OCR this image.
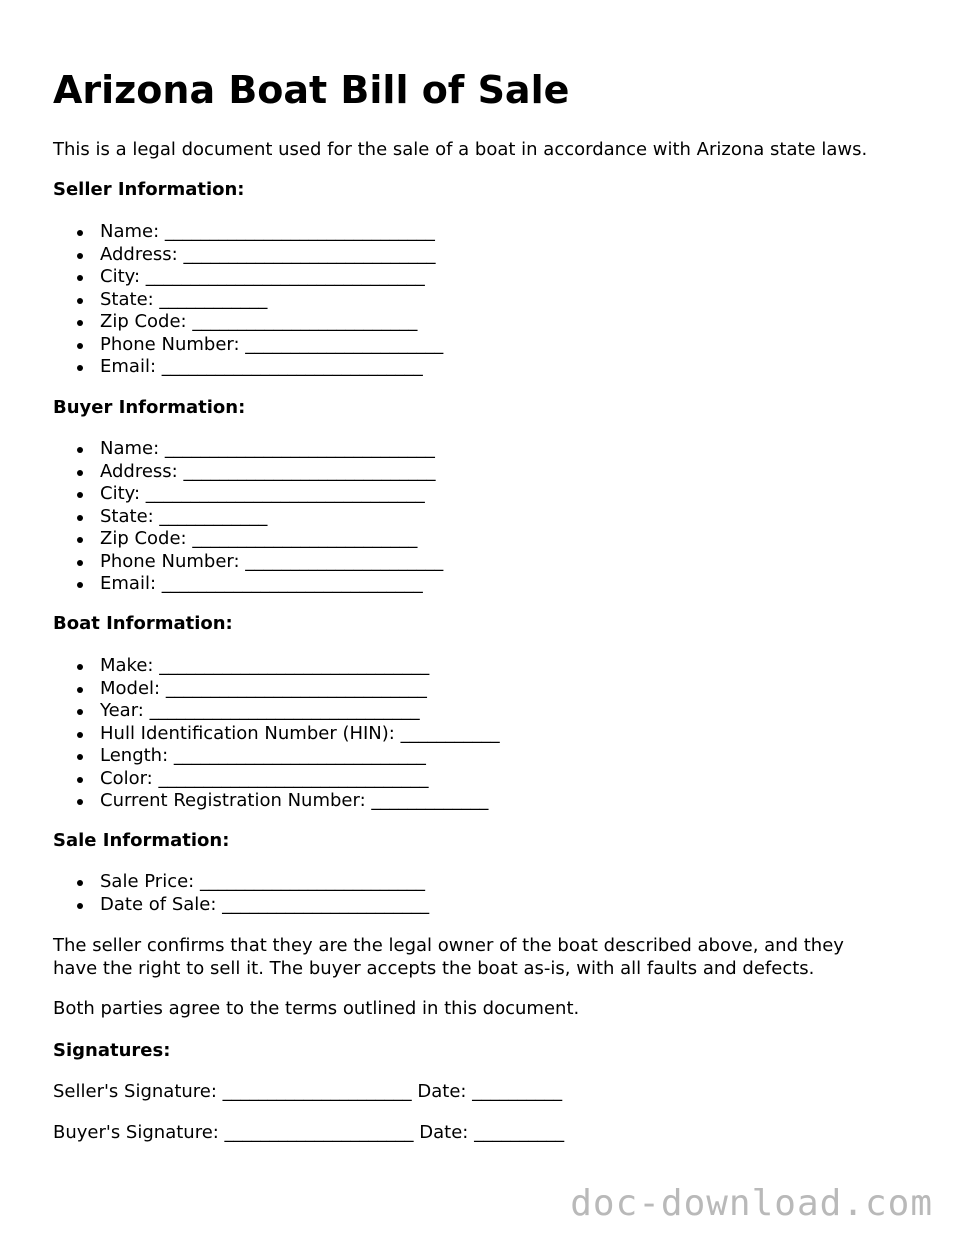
Arizona Boat Bill of Sale
This is a legal document used for the sale of a boat in accordance with Arizona state laws.
Seller Information:
Name: ______________________________
Address: ____________________________
City: _______________________________
State: ____________
Zip Code: _________________________
Phone Number: ______________________
Email: _____________________________
Buyer Information:
Name: ______________________________
Address: ____________________________
City: _______________________________
State: ____________
Zip Code: _________________________
Phone Number: ______________________
Email: _____________________________
Boat Information:
Make: ______________________________
Model: _____________________________
Year: ______________________________
Hull Identification Number (HIN): ___________
Length: ____________________________
Color: ______________________________
Current Registration Number: _____________
Sale Information:
Sale Price: _________________________
Date of Sale: _______________________
The seller confirms that they are the legal owner of the boat described above, and they
have the right to sell it. The buyer accepts the boat as-is, with all faults and defects.
Both parties agree to the terms outlined in this document.
Signatures:
Seller's Signature: _____________________ Date: __________
Buyer's Signature: _____________________ Date: __________
doc-download.com
